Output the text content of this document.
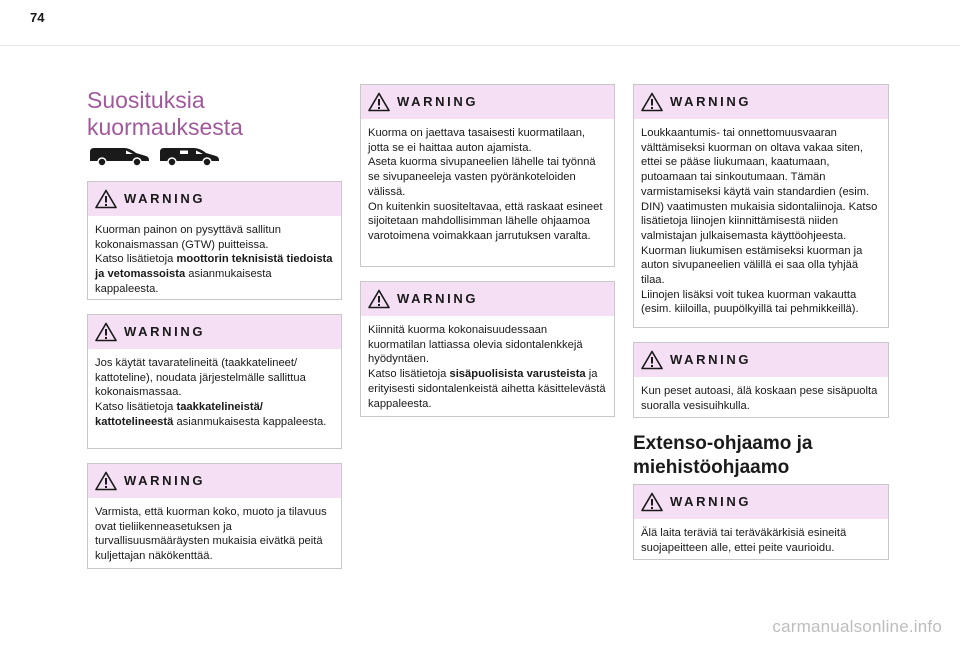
74
Suosituksia
kuormauksesta
WARNING
Kuorman painon on pysyttävä sallitun kokonaismassan (GTW) puitteissa.
Katso lisätietoja moottorin teknisistä tiedoista ja vetomassoista asianmukaisesta kappaleesta.
WARNING
Jos käytät tavaratelineitä (taakkatelineet/ kattoteline), noudata järjestelmälle sallittua kokonaismassaa.
Katso lisätietoja taakkatelineistä/ kattotelineestä asianmukaisesta kappaleesta.
WARNING
Varmista, että kuorman koko, muoto ja tilavuus ovat tieliikenneasetuksen ja turvallisuusmääräysten mukaisia eivätkä peitä kuljettajan näkökenttää.
WARNING
Kuorma on jaettava tasaisesti kuormatilaan, jotta se ei haittaa auton ajamista.
Aseta kuorma sivupaneelien lähelle tai työnnä se sivupaneeleja vasten pyöränkoteloiden välissä.
On kuitenkin suositeltavaa, että raskaat esineet sijoitetaan mahdollisimman lähelle ohjaamoa varotoimena voimakkaan jarrutuksen varalta.
WARNING
Kiinnitä kuorma kokonaisuudessaan kuormatilan lattiassa olevia sidontalenkkejä hyödyntäen.
Katso lisätietoja sisäpuolisista varusteista ja erityisesti sidontalenkeistä aihetta käsittelevästä kappaleesta.
WARNING
Loukkaantumis- tai onnettomuusvaaran välttämiseksi kuorman on oltava vakaa siten, ettei se pääse liukumaan, kaatumaan, putoamaan tai sinkoutumaan. Tämän varmistamiseksi käytä vain standardien (esim. DIN) vaatimusten mukaisia sidontaliinoja. Katso lisätietoja liinojen kiinnittämisestä niiden valmistajan julkaisemasta käyttöohjeesta. Kuorman liukumisen estämiseksi kuorman ja auton sivupaneelien välillä ei saa olla tyhjää tilaa.
Liinojen lisäksi voit tukea kuorman vakautta (esim. kiiloilla, puupölkyillä tai pehmikkeillä).
WARNING
Kun peset autoasi, älä koskaan pese sisäpuolta suoralla vesisuihkulla.
Extenso-ohjaamo ja
miehistöohjaamo
WARNING
Älä laita teräviä tai teräväkärkisiä esineitä suojapeitteen alle, ettei peite vaurioidu.
carmanualsonline.info
